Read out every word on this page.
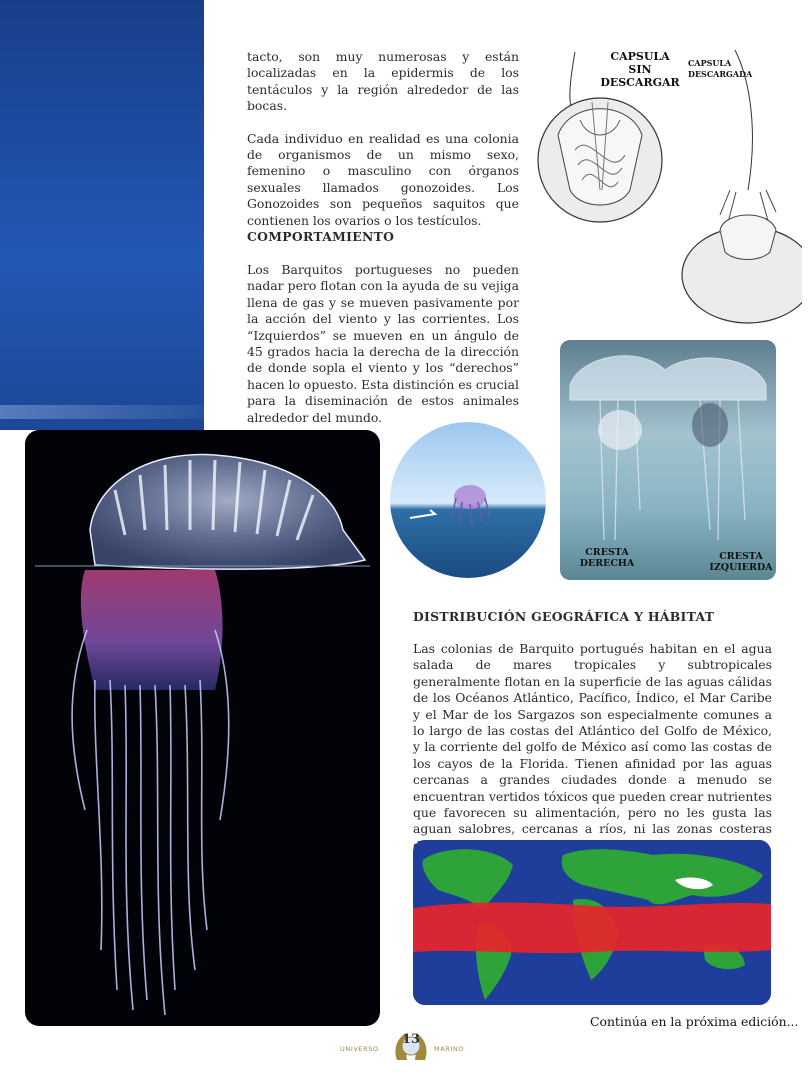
tacto, son muy numerosas y están localizadas en la epidermis de los tentáculos y la región alrededor de las bocas.

Cada individuo en realidad es una colonia de organismos de un mismo sexo, femenino o masculino con órganos sexuales llamados gonozoides. Los Gonozoides son pequeños saquitos que contienen los ovarios o los testículos.

COMPORTAMIENTO
Los Barquitos portugueses no pueden nadar pero flotan con la ayuda de su vejiga llena de gas y se mueven pasivamente por la acción del viento y las corrientes. Los “Izquierdos” se mueven en un ángulo de 45 grados hacia la derecha de la dirección de donde sopla el viento y los “derechos” hacen lo opuesto. Esta distinción es crucial para la diseminación de estos animales alrededor del mundo.
DISTRIBUCIÓN GEOGRÁFICA Y HÁBITAT
Las colonias de Barquito portugués habitan en el agua salada de mares tropicales y subtropicales generalmente flotan en la superficie de las aguas cálidas de los Océanos Atlántico, Pacífico, Índico, el Mar Caribe y el Mar de los Sargazos son especialmente comunes a lo largo de las costas del Atlántico del Golfo de México, y la corriente del golfo de México así como las costas de los cayos de la Florida. Tienen afinidad por las aguas cercanas a grandes ciudades donde a menudo se encuentran vertidos tóxicos que pueden crear nutrientes que favorecen su alimentación, pero no les gusta las aguan salobres, cercanas a ríos, ni las zonas costeras
CAPSULA SIN DESCARGAR
CAPSULA DESCARGADA
CRESTA DERECHA
CRESTA IZQUIERDA
Continúa en la próxima edición...
UNIVERSO
13
MARINO
